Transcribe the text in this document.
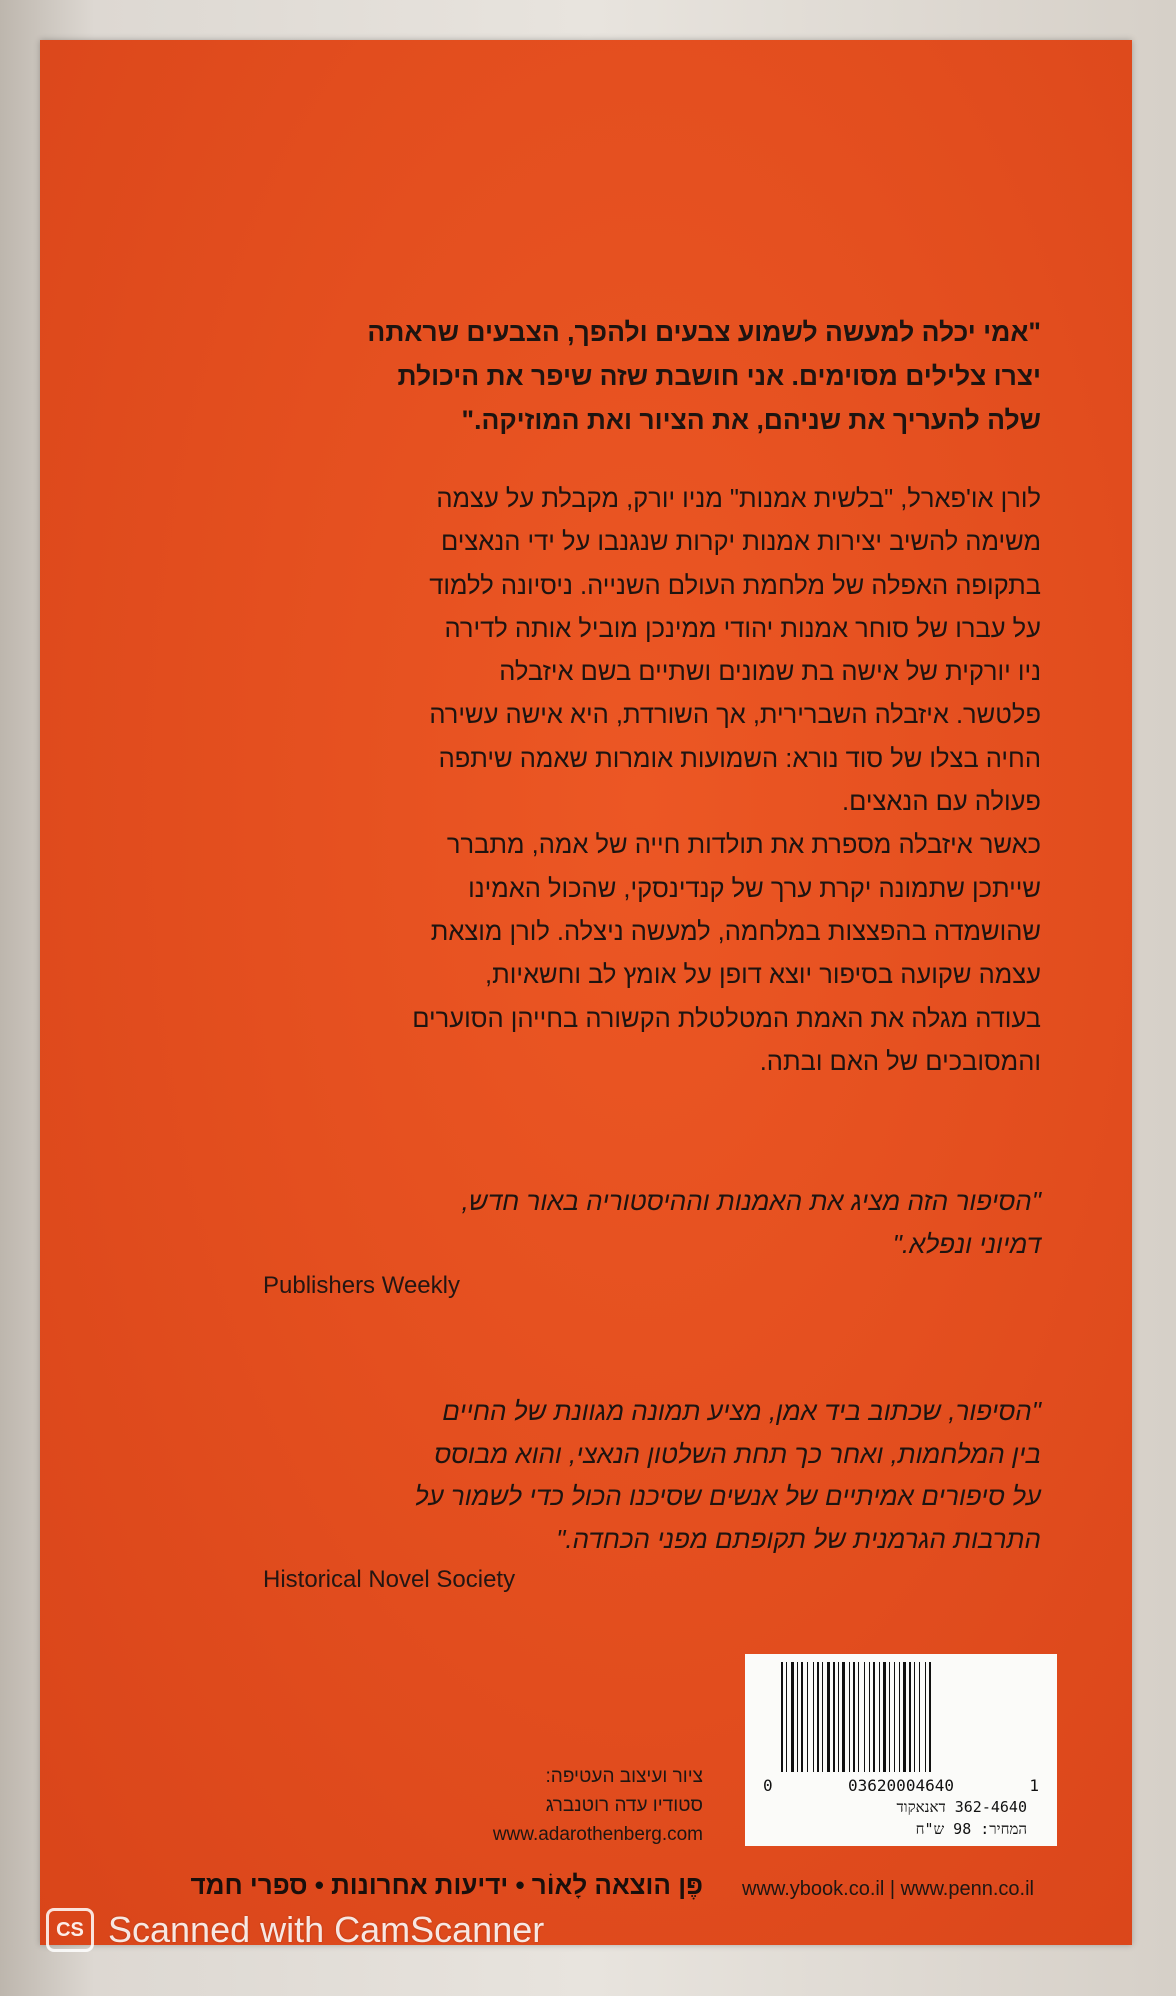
"אמי יכלה למעשה לשמוע צבעים ולהפך, הצבעים שראתה
יצרו צלילים מסוימים. אני חושבת שזה שיפר את היכולת
שלה להעריך את שניהם, את הציור ואת המוזיקה."

לורן או'פארל, "בלשית אמנות" מניו יורק, מקבלת על עצמה

משימה להשיב יצירות אמנות יקרות שנגנבו על ידי הנאצים

בתקופה האפלה של מלחמת העולם השנייה. ניסיונה ללמוד

על עברו של סוחר אמנות יהודי ממינכן מוביל אותה לדירה

ניו יורקית של אישה בת שמונים ושתיים בשם איזבלה

פלטשר. איזבלה השברירית, אך השורדת, היא אישה עשירה

החיה בצלו של סוד נורא: השמועות אומרות שאמה שיתפה

פעולה עם הנאצים.

כאשר איזבלה מספרת את תולדות חייה של אמה, מתברר

שייתכן שתמונה יקרת ערך של קנדינסקי, שהכול האמינו

שהושמדה בהפצצות במלחמה, למעשה ניצלה. לורן מוצאת

עצמה שקועה בסיפור יוצא דופן על אומץ לב וחשאיות,

בעודה מגלה את האמת המטלטלת הקשורה בחייהן הסוערים

והמסובכים של האם ובתה.

"הסיפור הזה מציג את האמנות וההיסטוריה באור חדש,

דמיוני ונפלא."

Publishers Weekly

"הסיפור, שכתוב ביד אמן, מציע תמונה מגוונת של החיים

בין המלחמות, ואחר כך תחת השלטון הנאצי, והוא מבוסס

על סיפורים אמיתיים של אנשים שסיכנו הכול כדי לשמור על

התרבות הגרמנית של תקופתם מפני הכחדה."

Historical Novel Society
0	03620004640	1
362-4640 דאנאקוד
המחיר: 98 ש"ח
ציור ועיצוב העטיפה:
סטודיו עדה רוטנברג
www.adarothenberg.com
פֶּן הוצאה לָאוֹר • ידיעות אחרונות • ספרי חמד www.ybook.co.il | www.penn.co.il
CS Scanned with CamScanner
